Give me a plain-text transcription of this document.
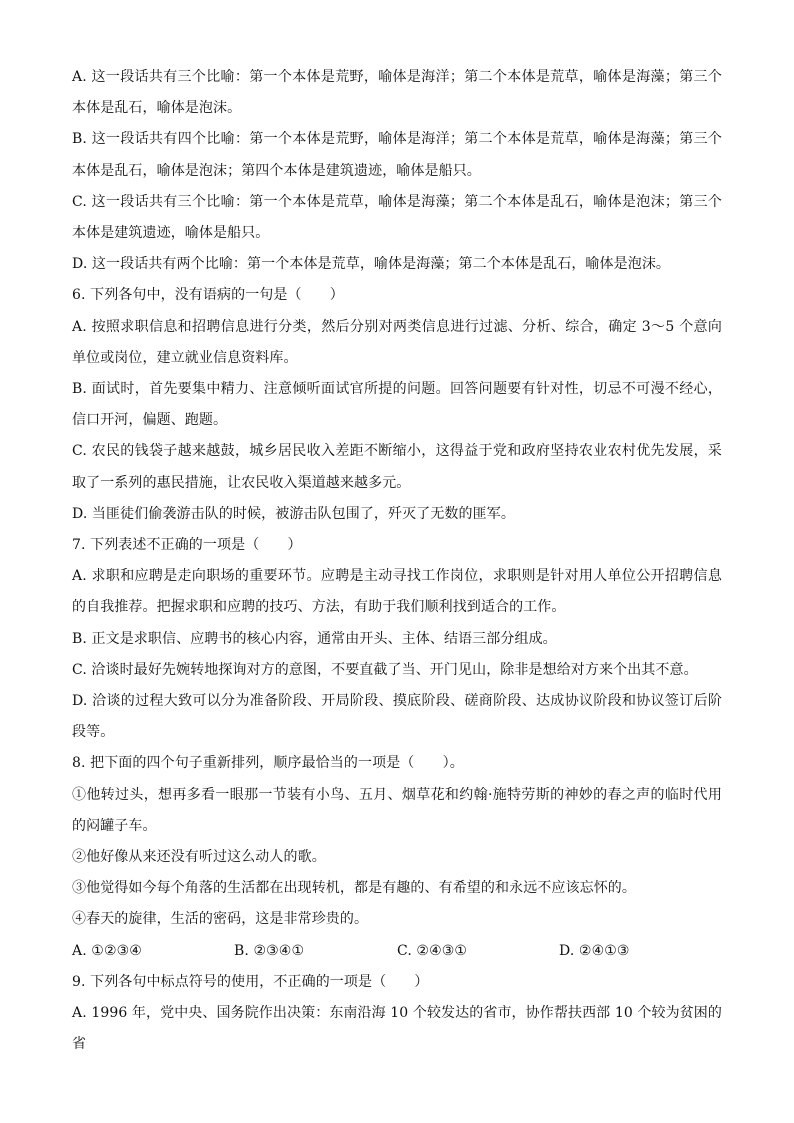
A. 这一段话共有三个比喻：第一个本体是荒野，喻体是海洋；第二个本体是荒草，喻体是海藻；第三个本体是乱石，喻体是泡沫。

B. 这一段话共有四个比喻：第一个本体是荒野，喻体是海洋；第二个本体是荒草，喻体是海藻；第三个本体是乱石，喻体是泡沫；第四个本体是建筑遗迹，喻体是船只。

C. 这一段话共有三个比喻：第一个本体是荒草，喻体是海藻；第二个本体是乱石，喻体是泡沫；第三个本体是建筑遗迹，喻体是船只。

D. 这一段话共有两个比喻：第一个本体是荒草，喻体是海藻；第二个本体是乱石，喻体是泡沫。

6. 下列各句中，没有语病的一句是（　　）

A. 按照求职信息和招聘信息进行分类，然后分别对两类信息进行过滤、分析、综合，确定 3～5 个意向单位或岗位，建立就业信息资料库。

B. 面试时，首先要集中精力、注意倾听面试官所提的问题。回答问题要有针对性，切忌不可漫不经心，信口开河，偏题、跑题。

C. 农民的钱袋子越来越鼓，城乡居民收入差距不断缩小，这得益于党和政府坚持农业农村优先发展，采取了一系列的惠民措施，让农民收入渠道越来越多元。

D. 当匪徒们偷袭游击队的时候，被游击队包围了，歼灭了无数的匪军。

7. 下列表述不正确的一项是（　　）

A. 求职和应聘是走向职场的重要环节。应聘是主动寻找工作岗位，求职则是针对用人单位公开招聘信息的自我推荐。把握求职和应聘的技巧、方法，有助于我们顺利找到适合的工作。

B. 正文是求职信、应聘书的核心内容，通常由开头、主体、结语三部分组成。

C. 洽谈时最好先婉转地探询对方的意图，不要直截了当、开门见山，除非是想给对方来个出其不意。

D. 洽谈的过程大致可以分为准备阶段、开局阶段、摸底阶段、磋商阶段、达成协议阶段和协议签订后阶段等。

8. 把下面的四个句子重新排列，顺序最恰当的一项是（　　）。

①他转过头，想再多看一眼那一节装有小鸟、五月、烟草花和约翰·施特劳斯的神妙的春之声的临时代用的闷罐子车。

②他好像从来还没有听过这么动人的歌。

③他觉得如今每个角落的生活都在出现转机，都是有趣的、有希望的和永远不应该忘怀的。

④春天的旋律，生活的密码，这是非常珍贵的。

A. ①②③④	B. ②③④①	C. ②④③①	D. ②④①③

9. 下列各句中标点符号的使用，不正确的一项是（　　）

A. 1996 年，党中央、国务院作出决策：东南沿海 10 个较发达的省市，协作帮扶西部 10 个较为贫困的省
